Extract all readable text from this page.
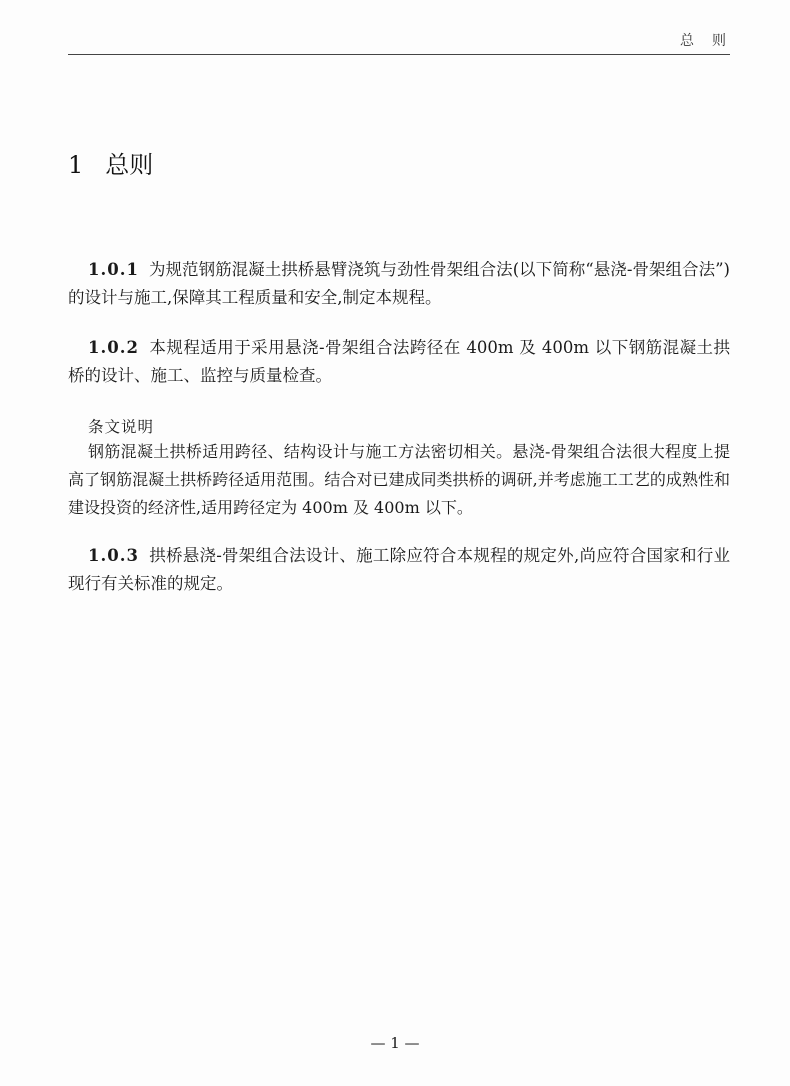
总　则
1 总则

1.0.1 为规范钢筋混凝土拱桥悬臂浇筑与劲性骨架组合法(以下简称“悬浇-骨架组合法”)的设计与施工,保障其工程质量和安全,制定本规程。

1.0.2 本规程适用于采用悬浇-骨架组合法跨径在 400m 及 400m 以下钢筋混凝土拱桥的设计、施工、监控与质量检查。

条文说明

钢筋混凝土拱桥适用跨径、结构设计与施工方法密切相关。悬浇-骨架组合法很大程度上提高了钢筋混凝土拱桥跨径适用范围。结合对已建成同类拱桥的调研,并考虑施工工艺的成熟性和建设投资的经济性,适用跨径定为 400m 及 400m 以下。

1.0.3 拱桥悬浇-骨架组合法设计、施工除应符合本规程的规定外,尚应符合国家和行业现行有关标准的规定。

— 1 —
